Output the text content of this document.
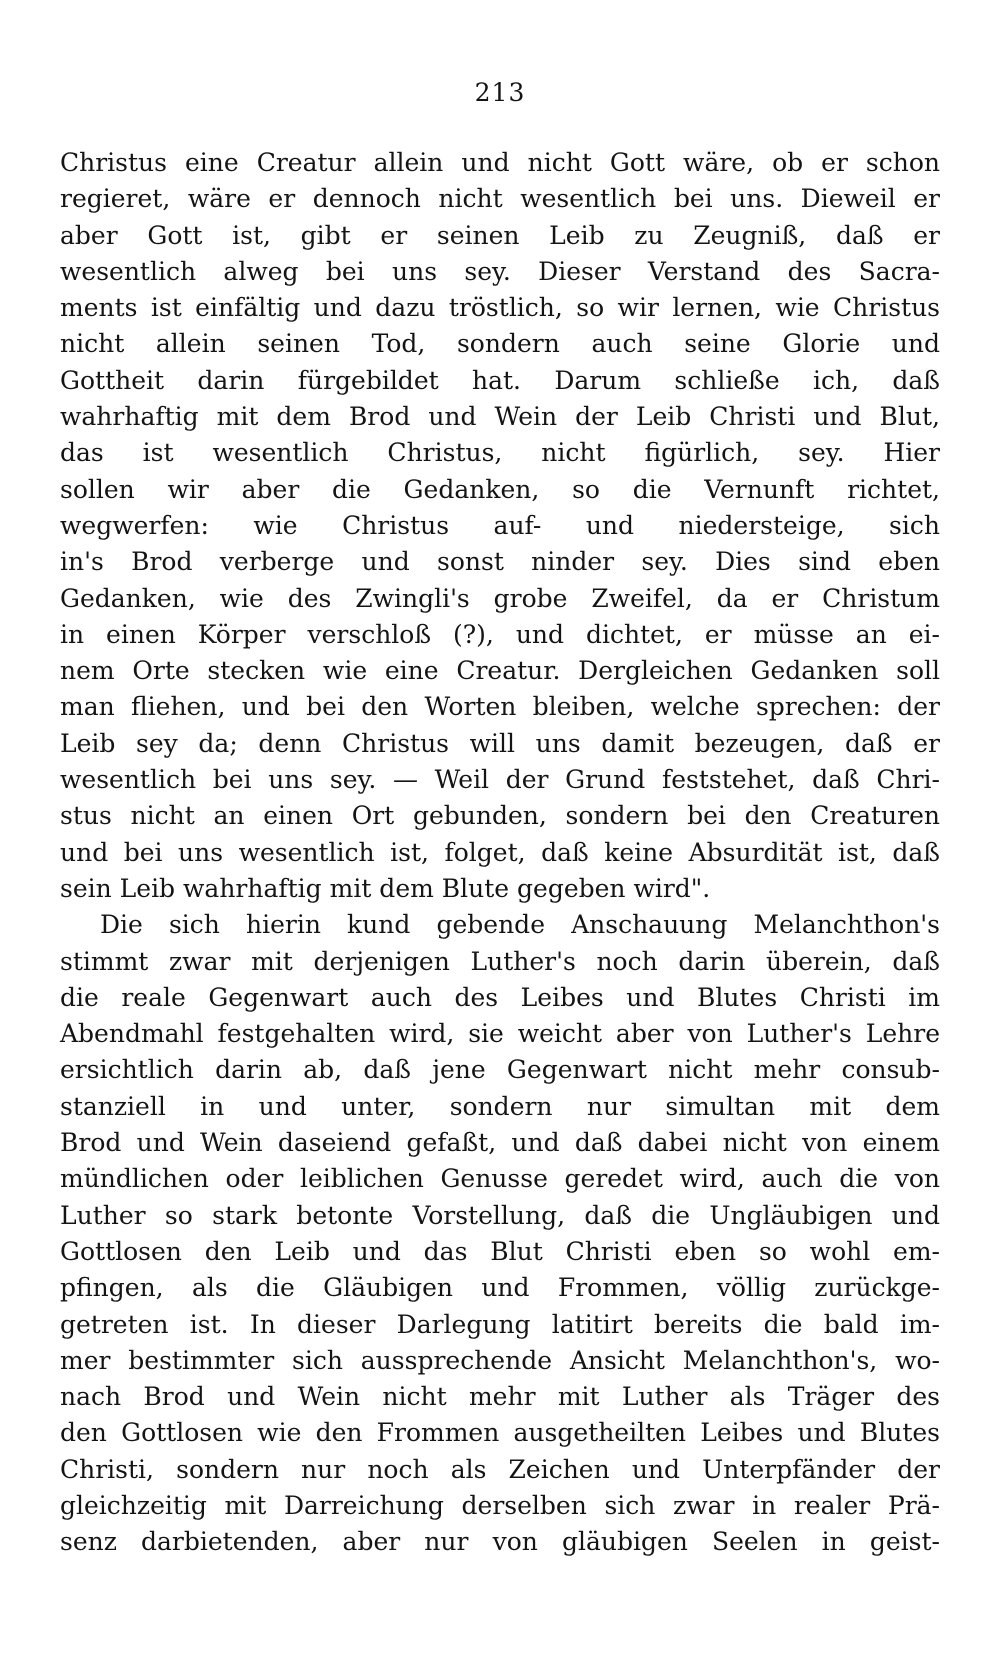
213
Christus eine Creatur allein und nicht Gott wäre, ob er schon
regieret, wäre er dennoch nicht wesentlich bei uns. Dieweil er
aber Gott ist, gibt er seinen Leib zu Zeugniß, daß er
wesentlich alweg bei uns sey. Dieser Verstand des Sacra-
ments ist einfältig und dazu tröstlich, so wir lernen, wie Christus
nicht allein seinen Tod, sondern auch seine Glorie und
Gottheit darin fürgebildet hat. Darum schließe ich, daß
wahrhaftig mit dem Brod und Wein der Leib Christi und Blut,
das ist wesentlich Christus, nicht figürlich, sey. Hier
sollen wir aber die Gedanken, so die Vernunft richtet,
wegwerfen: wie Christus auf- und niedersteige, sich
in's Brod verberge und sonst ninder sey. Dies sind eben
Gedanken, wie des Zwingli's grobe Zweifel, da er Christum
in einen Körper verschloß (?), und dichtet, er müsse an ei-
nem Orte stecken wie eine Creatur. Dergleichen Gedanken soll
man fliehen, und bei den Worten bleiben, welche sprechen: der
Leib sey da; denn Christus will uns damit bezeugen, daß er
wesentlich bei uns sey. — Weil der Grund feststehet, daß Chri-
stus nicht an einen Ort gebunden, sondern bei den Creaturen
und bei uns wesentlich ist, folget, daß keine Absurdität ist, daß
sein Leib wahrhaftig mit dem Blute gegeben wird".
Die sich hierin kund gebende Anschauung Melanchthon's
stimmt zwar mit derjenigen Luther's noch darin überein, daß
die reale Gegenwart auch des Leibes und Blutes Christi im
Abendmahl festgehalten wird, sie weicht aber von Luther's Lehre
ersichtlich darin ab, daß jene Gegenwart nicht mehr consub-
stanziell in und unter, sondern nur simultan mit dem
Brod und Wein daseiend gefaßt, und daß dabei nicht von einem
mündlichen oder leiblichen Genusse geredet wird, auch die von
Luther so stark betonte Vorstellung, daß die Ungläubigen und
Gottlosen den Leib und das Blut Christi eben so wohl em-
pfingen, als die Gläubigen und Frommen, völlig zurückge-
getreten ist. In dieser Darlegung latitirt bereits die bald im-
mer bestimmter sich aussprechende Ansicht Melanchthon's, wo-
nach Brod und Wein nicht mehr mit Luther als Träger des
den Gottlosen wie den Frommen ausgetheilten Leibes und Blutes
Christi, sondern nur noch als Zeichen und Unterpfänder der
gleichzeitig mit Darreichung derselben sich zwar in realer Prä-
senz darbietenden, aber nur von gläubigen Seelen in geist-
